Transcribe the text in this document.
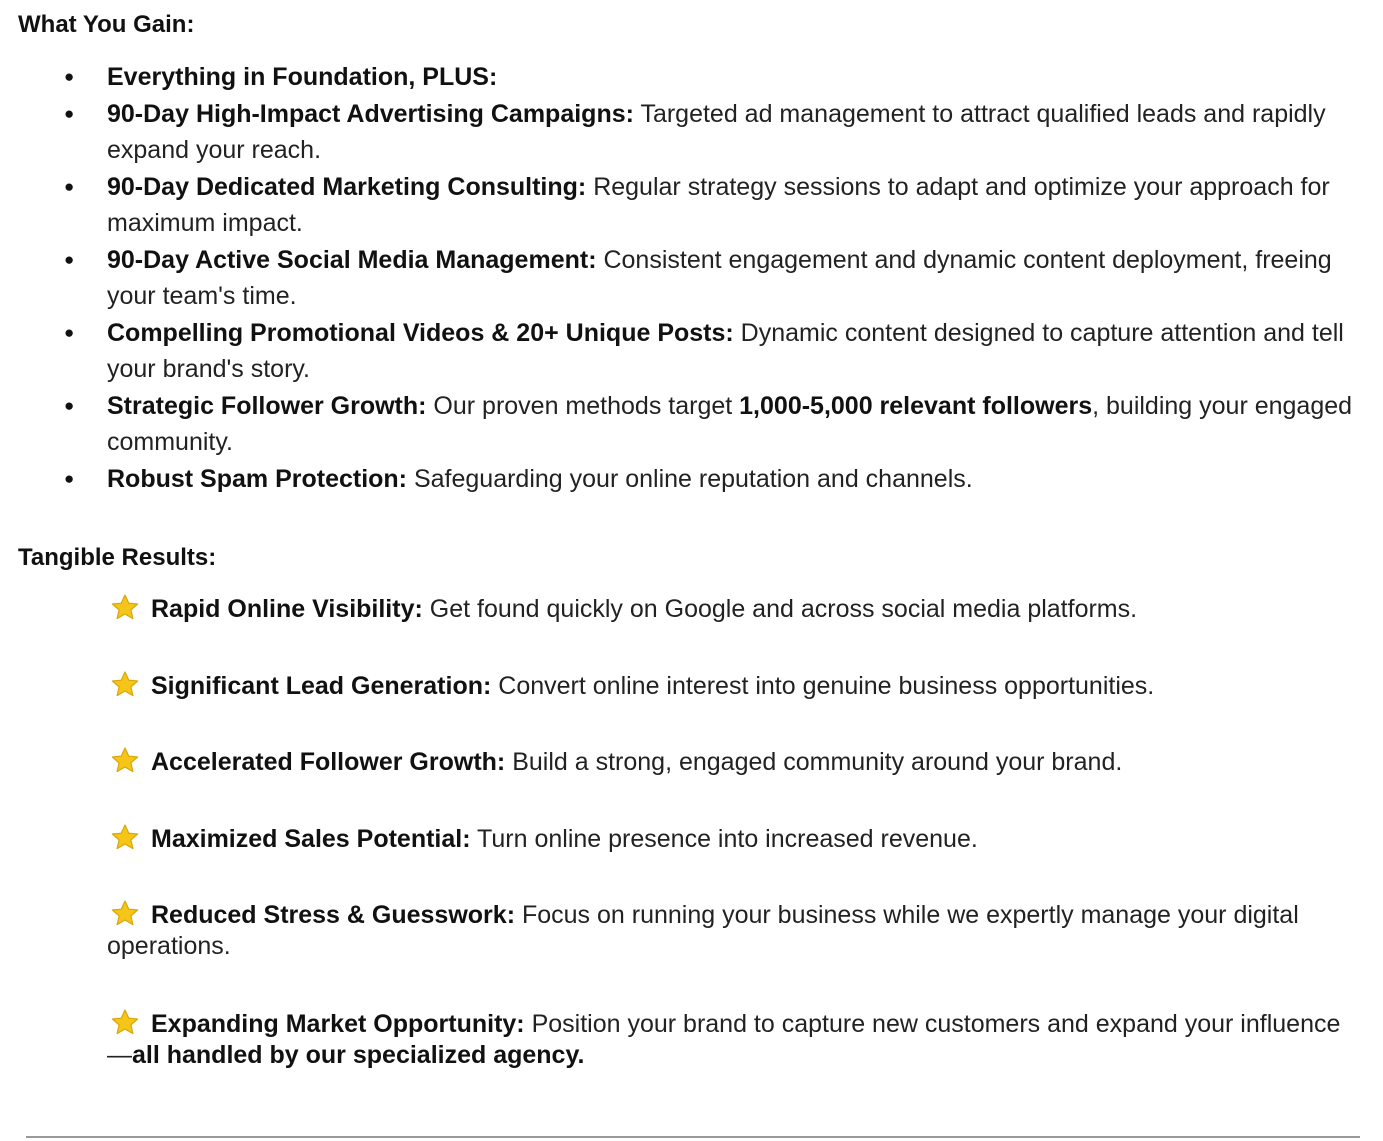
What You Gain:
● Everything in Foundation, PLUS:
● 90-Day High-Impact Advertising Campaigns: Targeted ad management to attract qualified leads and rapidly expand your reach.
● 90-Day Dedicated Marketing Consulting: Regular strategy sessions to adapt and optimize your approach for maximum impact.
● 90-Day Active Social Media Management: Consistent engagement and dynamic content deployment, freeing your team's time.
● Compelling Promotional Videos & 20+ Unique Posts: Dynamic content designed to capture attention and tell your brand's story.
● Strategic Follower Growth: Our proven methods target 1,000-5,000 relevant followers, building your engaged community.
● Robust Spam Protection: Safeguarding your online reputation and channels.
Tangible Results:
Rapid Online Visibility: Get found quickly on Google and across social media platforms.
Significant Lead Generation: Convert online interest into genuine business opportunities.
Accelerated Follower Growth: Build a strong, engaged community around your brand.
Maximized Sales Potential: Turn online presence into increased revenue.
Reduced Stress & Guesswork: Focus on running your business while we expertly manage your digital operations.
Expanding Market Opportunity: Position your brand to capture new customers and expand your influence—all handled by our specialized agency.
